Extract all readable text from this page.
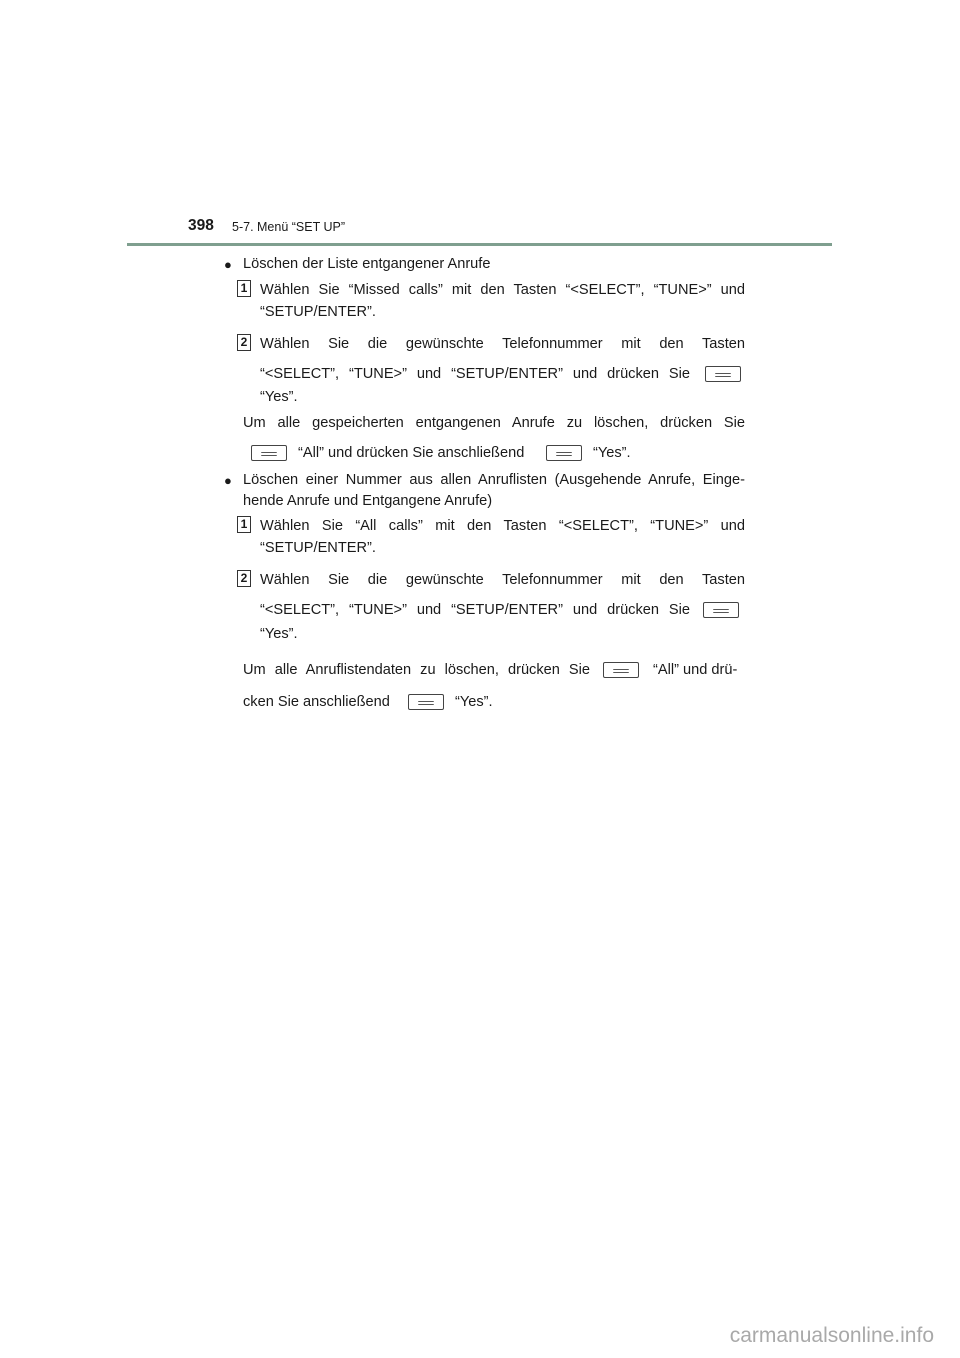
398 5-7. Menü “SET UP”
● Löschen der Liste entgangener Anrufe
1 Wählen Sie “Missed calls” mit den Tasten “<SELECT”, “TUNE>” und
“SETUP/ENTER”.
2 Wählen Sie die gewünschte Telefonnummer mit den Tasten
“<SELECT”, “TUNE>” und “SETUP/ENTER” und drücken Sie
“Yes”.
Um alle gespeicherten entgangenen Anrufe zu löschen, drücken Sie
“All” und drücken Sie anschließend	“Yes”.
● Löschen einer Nummer aus allen Anruflisten (Ausgehende Anrufe, Einge-
hende Anrufe und Entgangene Anrufe)
1 Wählen Sie “All calls” mit den Tasten “<SELECT”, “TUNE>” und
“SETUP/ENTER”.
2 Wählen Sie die gewünschte Telefonnummer mit den Tasten
“<SELECT”, “TUNE>” und “SETUP/ENTER” und drücken Sie
“Yes”.
Um alle Anruflistendaten zu löschen, drücken Sie	“All” und drü-
cken Sie anschließend	“Yes”.
carmanualsonline.info
